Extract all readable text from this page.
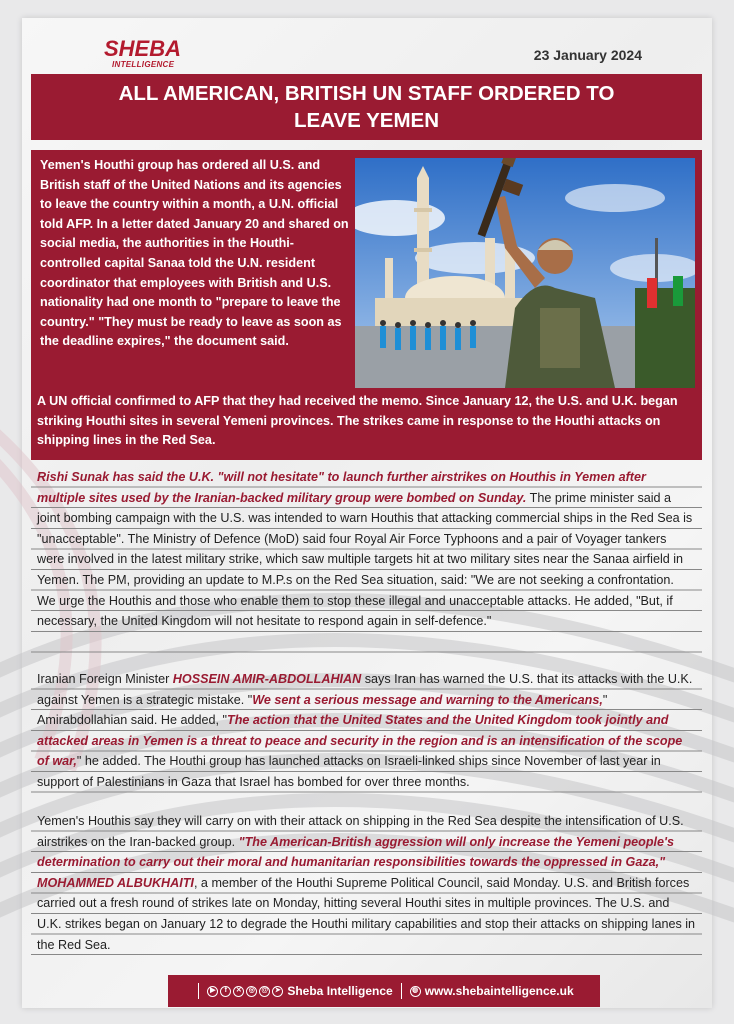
SHEBA
INTELLIGENCE
23 January 2024
ALL AMERICAN, BRITISH UN STAFF ORDERED TO LEAVE YEMEN
Yemen's Houthi group has ordered all U.S. and British staff of the United Nations and its agencies to leave the country within a month, a U.N. official told AFP. In a letter dated January 20 and shared on social media, the authorities in the Houthi-controlled capital Sanaa told the U.N. resident coordinator that employees with British and U.S. nationality had one month to "prepare to leave the country." "They must be ready to leave as soon as the deadline expires," the document said.
A UN official confirmed to AFP that they had received the memo. Since January 12, the U.S. and U.K. began striking Houthi sites in several Yemeni provinces. The strikes came in response to the Houthi attacks on shipping lines in the Red Sea.
Rishi Sunak has said the U.K. "will not hesitate" to launch further airstrikes on Houthis in Yemen after multiple sites used by the Iranian-backed military group were bombed on Sunday. The prime minister said a joint bombing campaign with the U.S. was intended to warn Houthis that attacking commercial ships in the Red Sea is "unacceptable". The Ministry of Defence (MoD) said four Royal Air Force Typhoons and a pair of Voyager tankers were involved in the latest military strike, which saw multiple targets hit at two military sites near the Sanaa airfield in Yemen. The PM, providing an update to M.P.s on the Red Sea situation, said: "We are not seeking a confrontation. We urge the Houthis and those who enable them to stop these illegal and unacceptable attacks. He added, "But, if necessary, the United Kingdom will not hesitate to respond again in self-defence."
Iranian Foreign Minister HOSSEIN AMIR-ABDOLLAHIAN says Iran has warned the U.S. that its attacks with the U.K. against Yemen is a strategic mistake. "We sent a serious message and warning to the Americans," Amirabdollahian said. He added, "The action that the United States and the United Kingdom took jointly and attacked areas in Yemen is a threat to peace and security in the region and is an intensification of the scope of war," he added. The Houthi group has launched attacks on Israeli-linked ships since November of last year in support of Palestinians in Gaza that Israel has bombed for over three months.
Yemen's Houthis say they will carry on with their attack on shipping in the Red Sea despite the intensification of U.S. airstrikes on the Iran-backed group. "The American-British aggression will only increase the Yemeni people's determination to carry out their moral and humanitarian responsibilities towards the oppressed in Gaza," MOHAMMED ALBUKHAITI, a member of the Houthi Supreme Political Council, said Monday. U.S. and British forces carried out a fresh round of strikes late on Monday, hitting several Houthi sites in multiple provinces. The U.S. and U.K. strikes began on January 12 to degrade the Houthi military capabilities and stop their attacks on shipping lanes in the Red Sea.
▶	f	✕	◎ @ ➤ Sheba Intelligence	◍ www.shebaintelligence.uk
